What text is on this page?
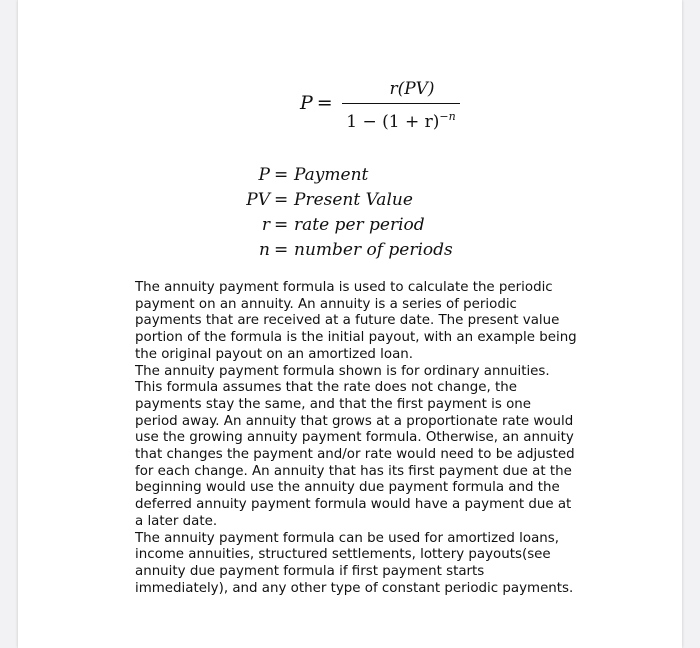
P =
r(PV)
$1 - (1 + r)^{-n}$
P = Payment
PV = Present Value
r = rate per period
n = number of periods

The annuity payment formula is used to calculate the periodic

payment on an annuity. An annuity is a series of periodic

payments that are received at a future date. The present value

portion of the formula is the initial payout, with an example being

the original payout on an amortized loan.

The annuity payment formula shown is for ordinary annuities.

This formula assumes that the rate does not change, the

payments stay the same, and that the first payment is one

period away. An annuity that grows at a proportionate rate would

use the growing annuity payment formula. Otherwise, an annuity

that changes the payment and/or rate would need to be adjusted

for each change. An annuity that has its first payment due at the

beginning would use the annuity due payment formula and the

deferred annuity payment formula would have a payment due at

a later date.

The annuity payment formula can be used for amortized loans,

income annuities, structured settlements, lottery payouts(see

annuity due payment formula if first payment starts

immediately), and any other type of constant periodic payments.
